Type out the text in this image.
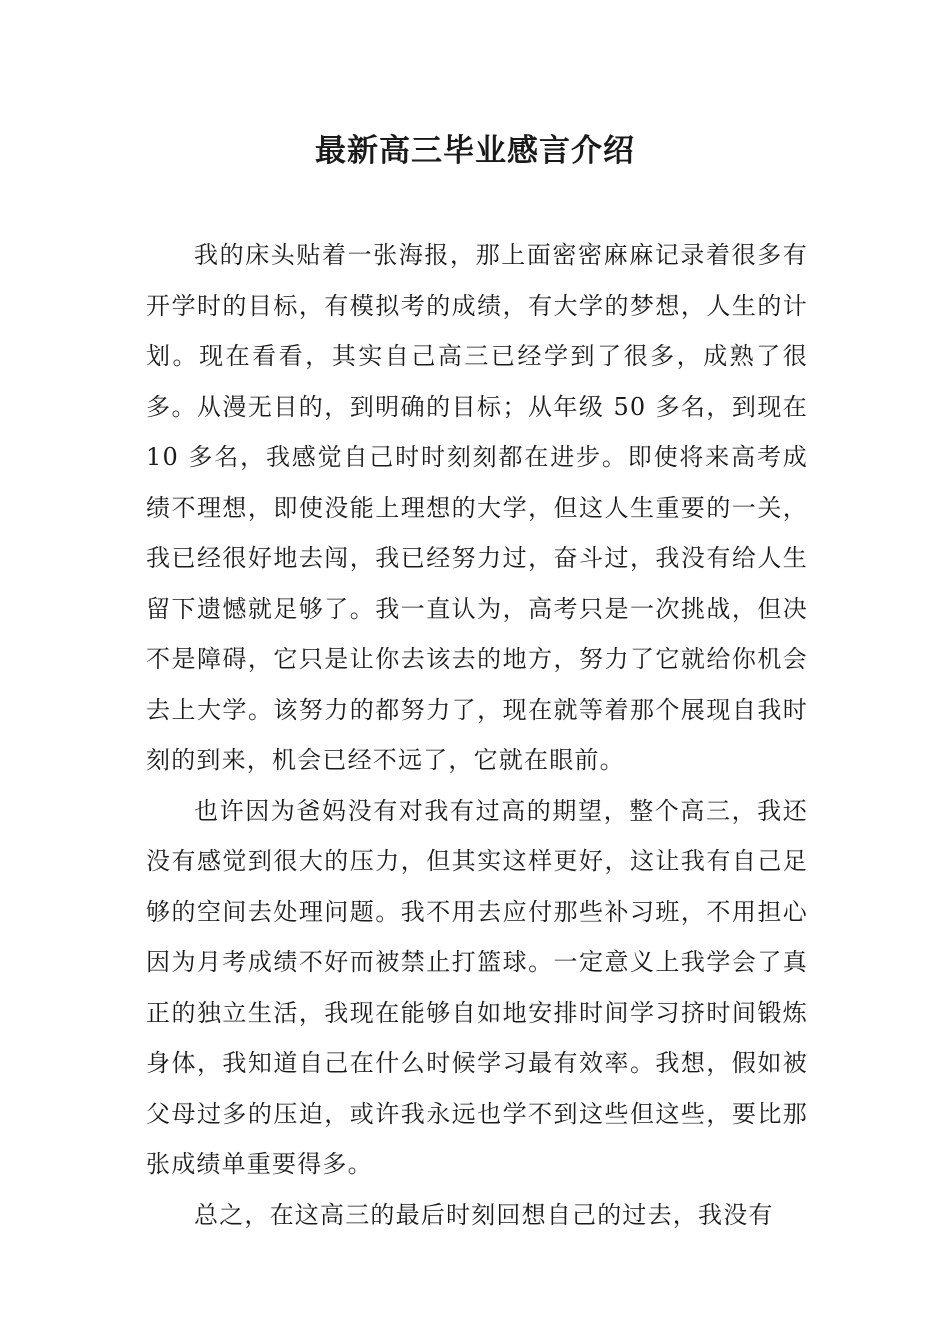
最新高三毕业感言介绍

我的床头贴着一张海报，那上面密密麻麻记录着很多有开学时的目标，有模拟考的成绩，有大学的梦想，人生的计划。现在看看，其实自己高三已经学到了很多，成熟了很多。从漫无目的，到明确的目标；从年级 50 多名，到现在 10 多名，我感觉自己时时刻刻都在进步。即使将来高考成绩不理想，即使没能上理想的大学，但这人生重要的一关，我已经很好地去闯，我已经努力过，奋斗过，我没有给人生留下遗憾就足够了。我一直认为，高考只是一次挑战，但决不是障碍，它只是让你去该去的地方，努力了它就给你机会去上大学。该努力的都努力了，现在就等着那个展现自我时刻的到来，机会已经不远了，它就在眼前。

也许因为爸妈没有对我有过高的期望，整个高三，我还没有感觉到很大的压力，但其实这样更好，这让我有自己足够的空间去处理问题。我不用去应付那些补习班，不用担心因为月考成绩不好而被禁止打篮球。一定意义上我学会了真正的独立生活，我现在能够自如地安排时间学习挤时间锻炼身体，我知道自己在什么时候学习最有效率。我想，假如被父母过多的压迫，或许我永远也学不到这些但这些，要比那张成绩单重要得多。

总之，在这高三的最后时刻回想自己的过去，我没有
